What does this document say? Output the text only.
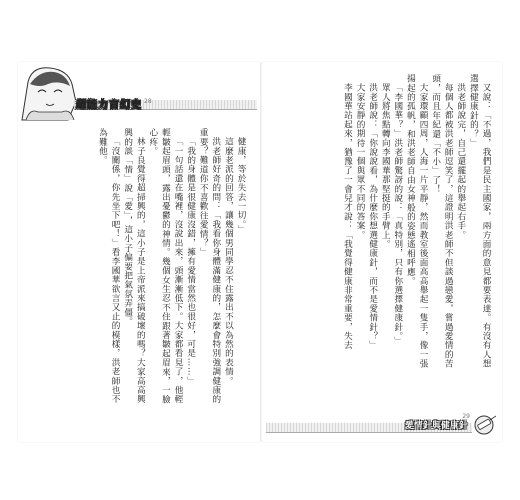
超能力言幻史 28

健康，等於失去一切。」

這麼老派的回答，讓幾個男同學忍不住露出不以為然的表情。

洪老師好奇的問：「我看你身體滿健康的，怎麼會特別強調健康的重要？難道你不喜歡往愛情？」

「我的身體是很健康沒錯，擁有愛情當然也很好，可是……」

「一句話還在嘴裡，沒說出來，頭漸漸低下。大家都看見了，他輕輕皺起眉頭，露出憂鬱的神情。幾個女生忍不住跟著皺起眉來，一臉心疼。

林子良覺得超掃興的，這小子是上帝派來搞破壞的嗎？大家高高興興的談「情」說「愛」，這小子偏要把氣氛弄僵。

「沒關係，你先坐下吧！」看李國華欲言又止的模樣，洪老師也不為難他。	又說：「不過，我們是民主國家，兩方面的意見都要表達。有沒有人想選擇健康針的？」

洪老師說完，自己還擺起的舉起右手。

每個人都被洪老師逗笑了，這證明洪老師不但談過戀愛，嘗過愛情的苦頭，而且年紀還「不小」了！

大家環顧四周，人海一片平靜，然而教室後面高高舉起一隻手，像一張揚起的孤帆，和洪老師自由女神般的姿態遙相呼應。

「李國華？」洪老師驚訝的說：「真特別，只有你選擇健康針。」

眾人將焦點轉向李國華那堅挺的手臂上。

洪老師說：「你說說看，為什麼你想選健康針，而不是愛情針？」

大家安靜的期待一個與眾不同的答案。

李國華站起來，猶豫了一會兒才說：「我覺得健康非常重要，失去

29
愛情針與健康針
